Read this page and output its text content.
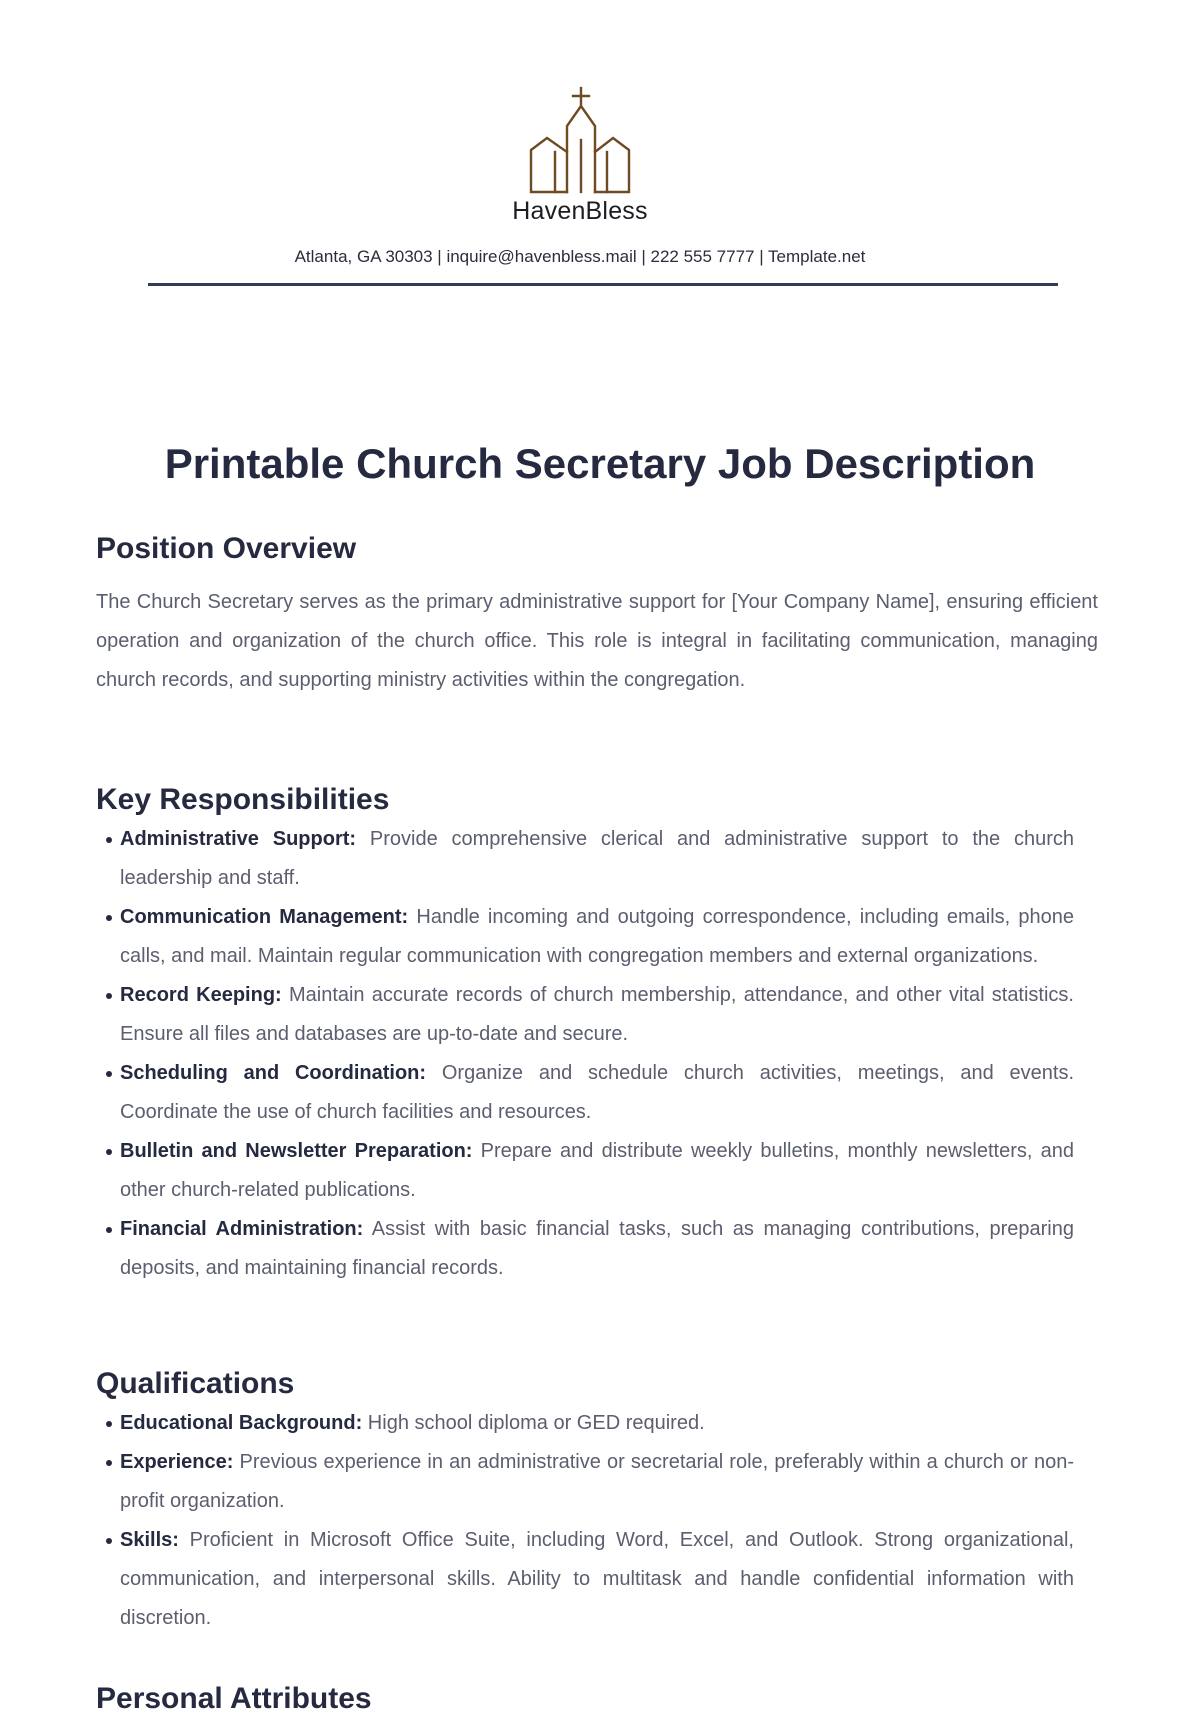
HavenBless
Atlanta, GA 30303 | inquire@havenbless.mail | 222 555 7777 | Template.net
Printable Church Secretary Job Description
Position Overview

The Church Secretary serves as the primary administrative support for [Your Company Name], ensuring efficient operation and organization of the church office. This role is integral in facilitating communication, managing church records, and supporting ministry activities within the congregation.

Key Responsibilities
Administrative Support: Provide comprehensive clerical and administrative support to the church leadership and staff.
Communication Management: Handle incoming and outgoing correspondence, including emails, phone calls, and mail. Maintain regular communication with congregation members and external organizations.
Record Keeping: Maintain accurate records of church membership, attendance, and other vital statistics. Ensure all files and databases are up-to-date and secure.
Scheduling and Coordination: Organize and schedule church activities, meetings, and events. Coordinate the use of church facilities and resources.
Bulletin and Newsletter Preparation: Prepare and distribute weekly bulletins, monthly newsletters, and other church-related publications.
Financial Administration: Assist with basic financial tasks, such as managing contributions, preparing deposits, and maintaining financial records.
Qualifications
Educational Background: High school diploma or GED required.
Experience: Previous experience in an administrative or secretarial role, preferably within a church or non-profit organization.
Skills: Proficient in Microsoft Office Suite, including Word, Excel, and Outlook. Strong organizational, communication, and interpersonal skills. Ability to multitask and handle confidential information with discretion.
Personal Attributes
